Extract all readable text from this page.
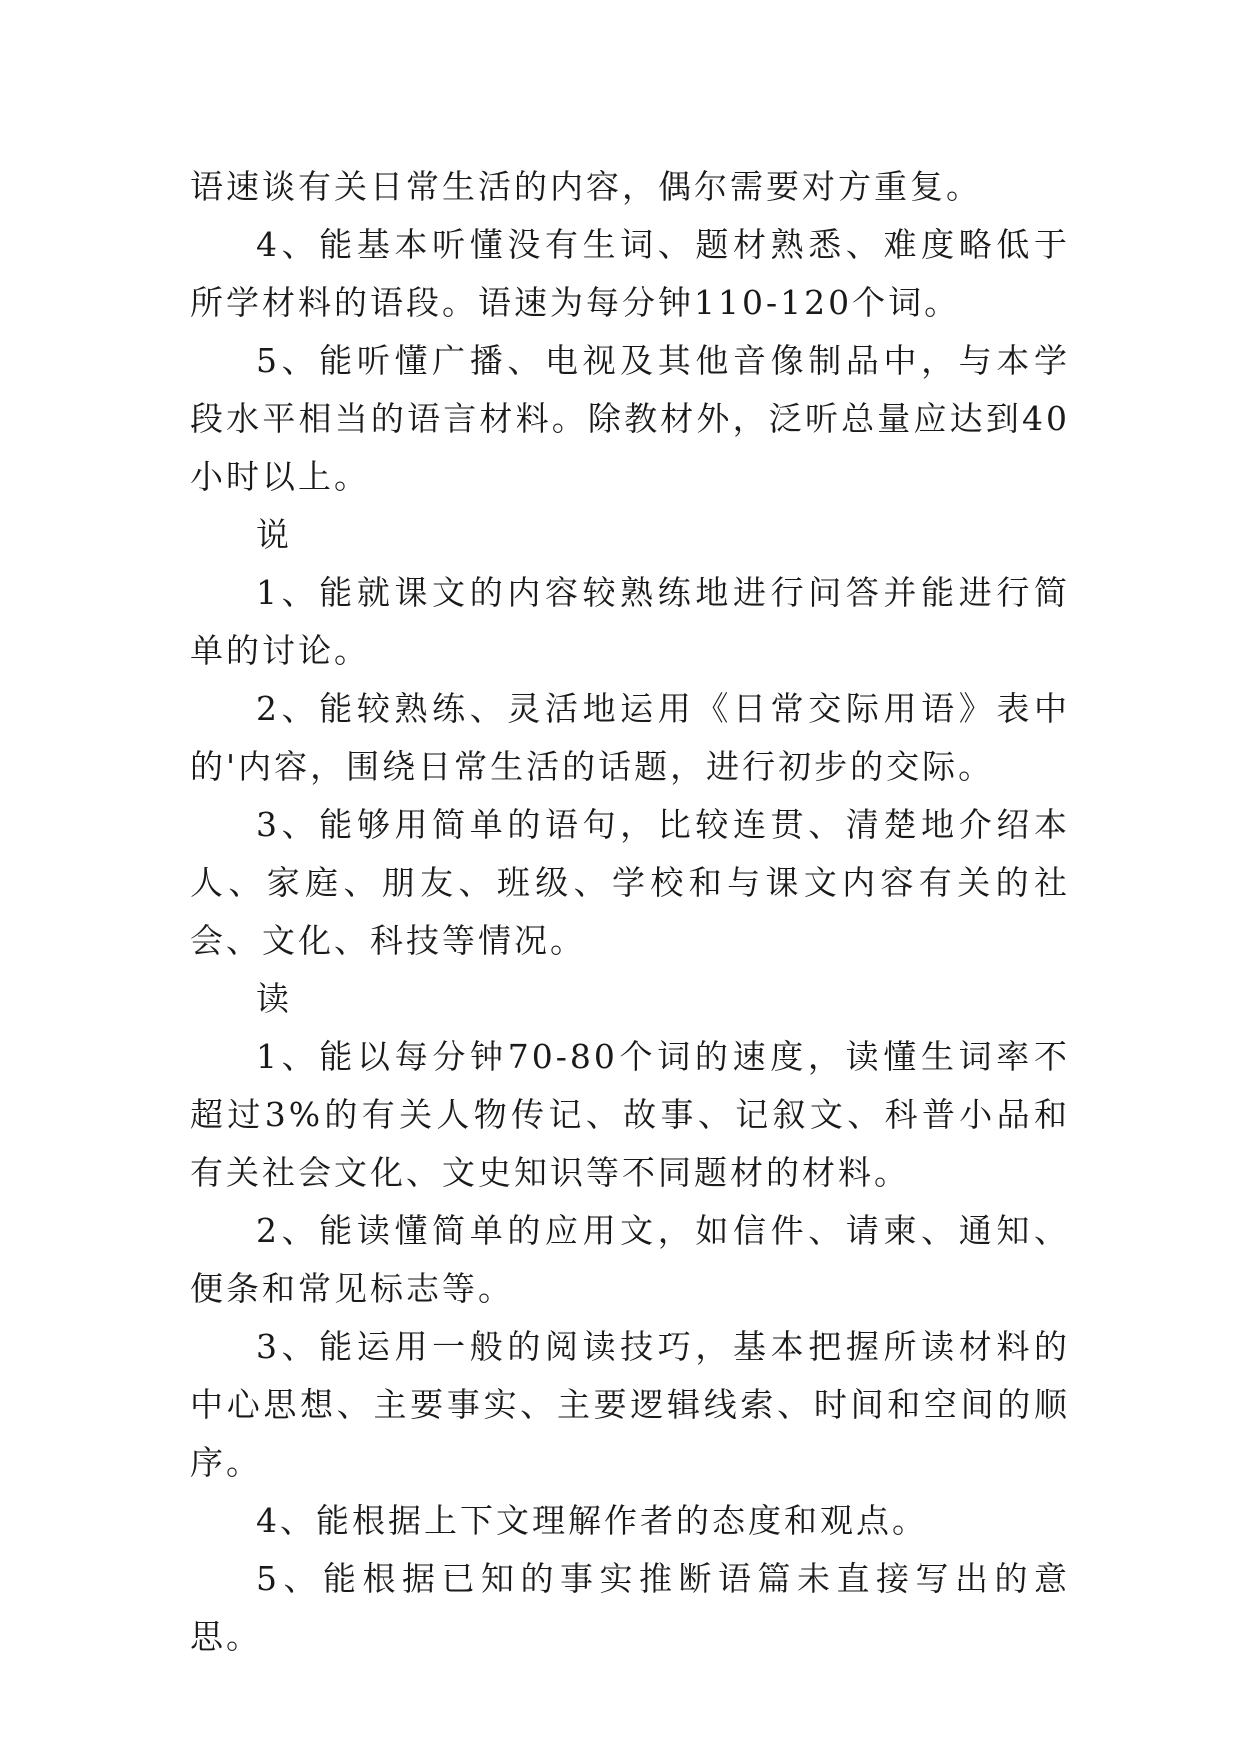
语速谈有关日常生活的内容，偶尔需要对方重复。

4、能基本听懂没有生词、题材熟悉、难度略低于所学材料的语段。语速为每分钟110-120个词。

5、能听懂广播、电视及其他音像制品中，与本学段水平相当的语言材料。除教材外，泛听总量应达到40小时以上。

说

1、能就课文的内容较熟练地进行问答并能进行简单的讨论。

2、能较熟练、灵活地运用《日常交际用语》表中的'内容，围绕日常生活的话题，进行初步的交际。

3、能够用简单的语句，比较连贯、清楚地介绍本人、家庭、朋友、班级、学校和与课文内容有关的社会、文化、科技等情况。

读

1、能以每分钟70-80个词的速度，读懂生词率不超过3%的有关人物传记、故事、记叙文、科普小品和有关社会文化、文史知识等不同题材的材料。

2、能读懂简单的应用文，如信件、请柬、通知、便条和常见标志等。

3、能运用一般的阅读技巧，基本把握所读材料的中心思想、主要事实、主要逻辑线索、时间和空间的顺序。

4、能根据上下文理解作者的态度和观点。

5、能根据已知的事实推断语篇未直接写出的意思。
